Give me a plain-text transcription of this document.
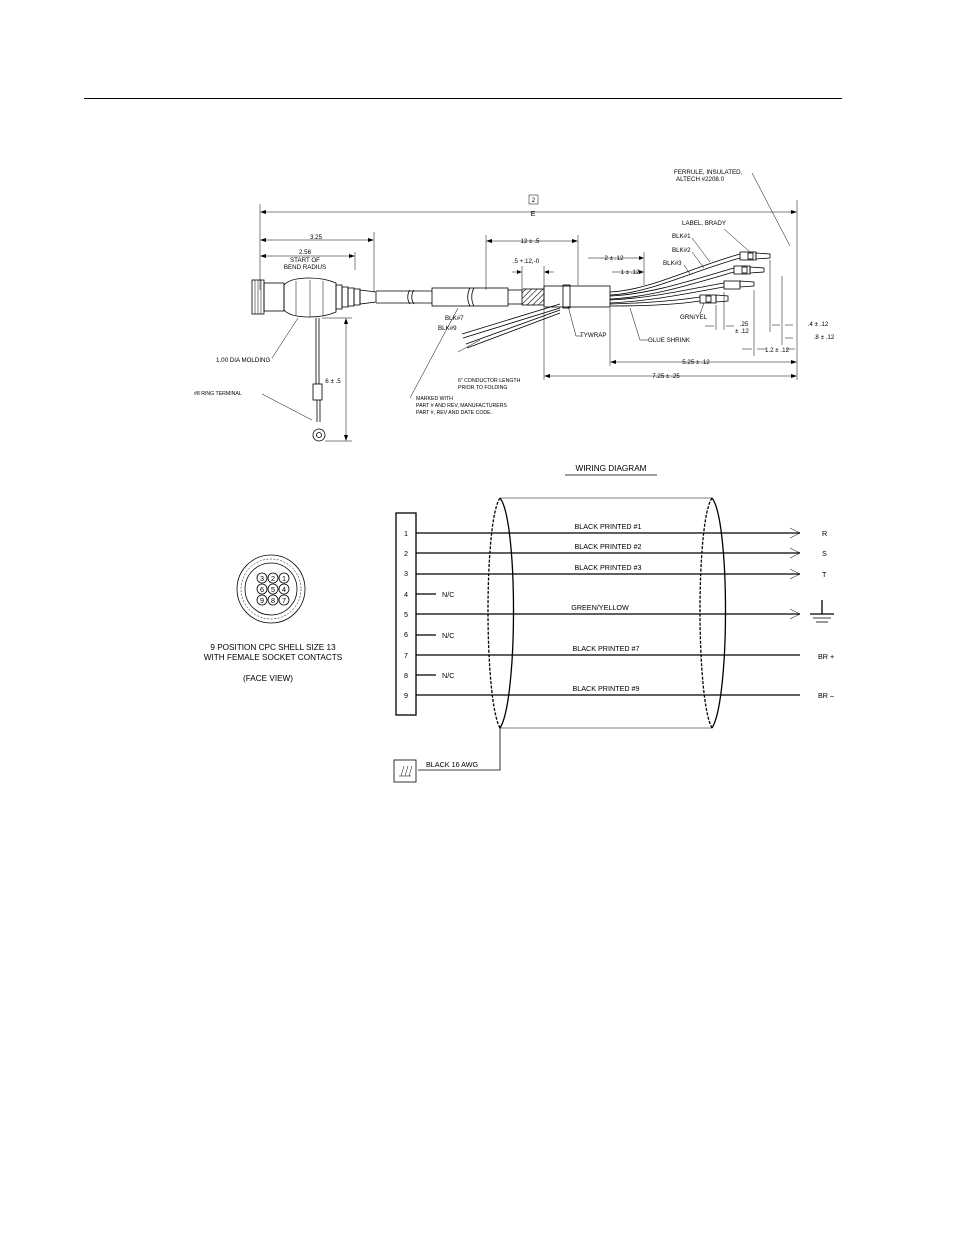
2
E
3.25
2.56
START OF
BEND RADIUS
12 ± .5
.5 +.12,-0	2 ± .12
1 ± .12
FERRULE, INSULATED,
ALTECH #2208.0
LABEL, BRADY
BLK#1
BLK#2
BLK#3
GRN/YEL
.25
± .12
.4 ± .12
.8 ± .12
1.2 ± .12
TYWRAP
GLUE SHRINK
5.25 ± .12
7.25 ± .25
BLK#7
BLK#9
6" CONDUCTOR LENGTH
PRIOR TO FOLDING
MARKED WITH
PART # AND REV, MANUFACTURERS
PART #, REV AND DATE CODE.
#8 RING TERMINAL
1.00 DIA MOLDING
6 ± .5
WIRING DIAGRAM
1
2
3
4
5
6
7
8
9
BLACK PRINTED #1
R
BLACK PRINTED #2
S
BLACK PRINTED #3
T
N/C
GREEN/YELLOW
N/C
BLACK PRINTED #7
BR +
N/C
BLACK PRINTED #9
BR –
BLACK 16 AWG
3 2 1
6 5 4
9 8 7
9 POSITION CPC SHELL SIZE 13
WITH FEMALE SOCKET CONTACTS
(FACE VIEW)
